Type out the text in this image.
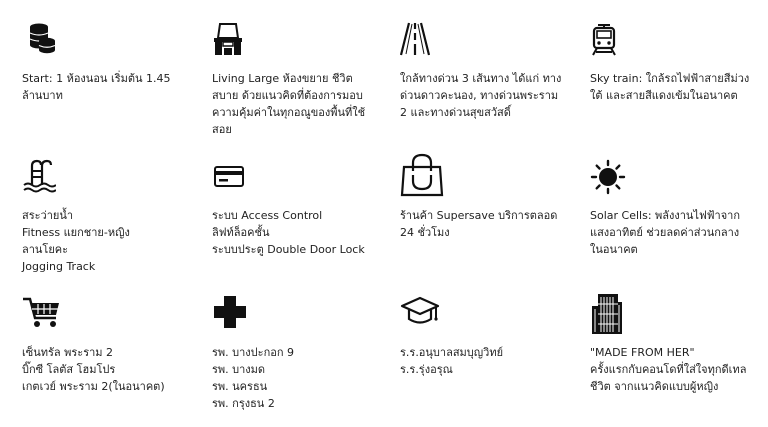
Start: 1 ห้องนอน เริ่มต้น 1.45
ล้านบาท
Living Large ห้องขยาย ชีวิต
สบาย ด้วยแนวคิดที่ต้องการมอบ
ความคุ้มค่าในทุกอณูของพื้นที่ใช้
สอย
ใกล้ทางด่วน 3 เส้นทาง ได้แก่ ทาง
ด่วนดาวคะนอง, ทางด่วนพระราม
2 และทางด่วนสุขสวัสดิ์
Sky train: ใกล้รถไฟฟ้าสายสีม่วง
ใต้ และสายสีแดงเข้มในอนาคต
สระว่ายน้ำ
Fitness แยกชาย-หญิง
ลานโยคะ
Jogging Track
ระบบ Access Control
ลิฟท์ล็อคชั้น
ระบบประตู Double Door Lock
ร้านค้า Supersave บริการตลอด
24 ชั่วโมง
Solar Cells: พลังงานไฟฟ้าจาก
แสงอาทิตย์ ช่วยลดค่าส่วนกลาง
ในอนาคต
เซ็นทรัล พระราม 2
บิ๊กซี โลตัส โฮมโปร
เกตเวย์ พระราม 2(ในอนาคต)
รพ. บางปะกอก 9
รพ. บางมด
รพ. นครธน
รพ. กรุงธน 2
ร.ร.อนุบาลสมบุญวิทย์
ร.ร.รุ่งอรุณ
"MADE FROM HER"
ครั้งแรกกับคอนโดที่ใส่ใจทุกดีเทล
ชีวิต จากแนวคิดแบบผู้หญิง
